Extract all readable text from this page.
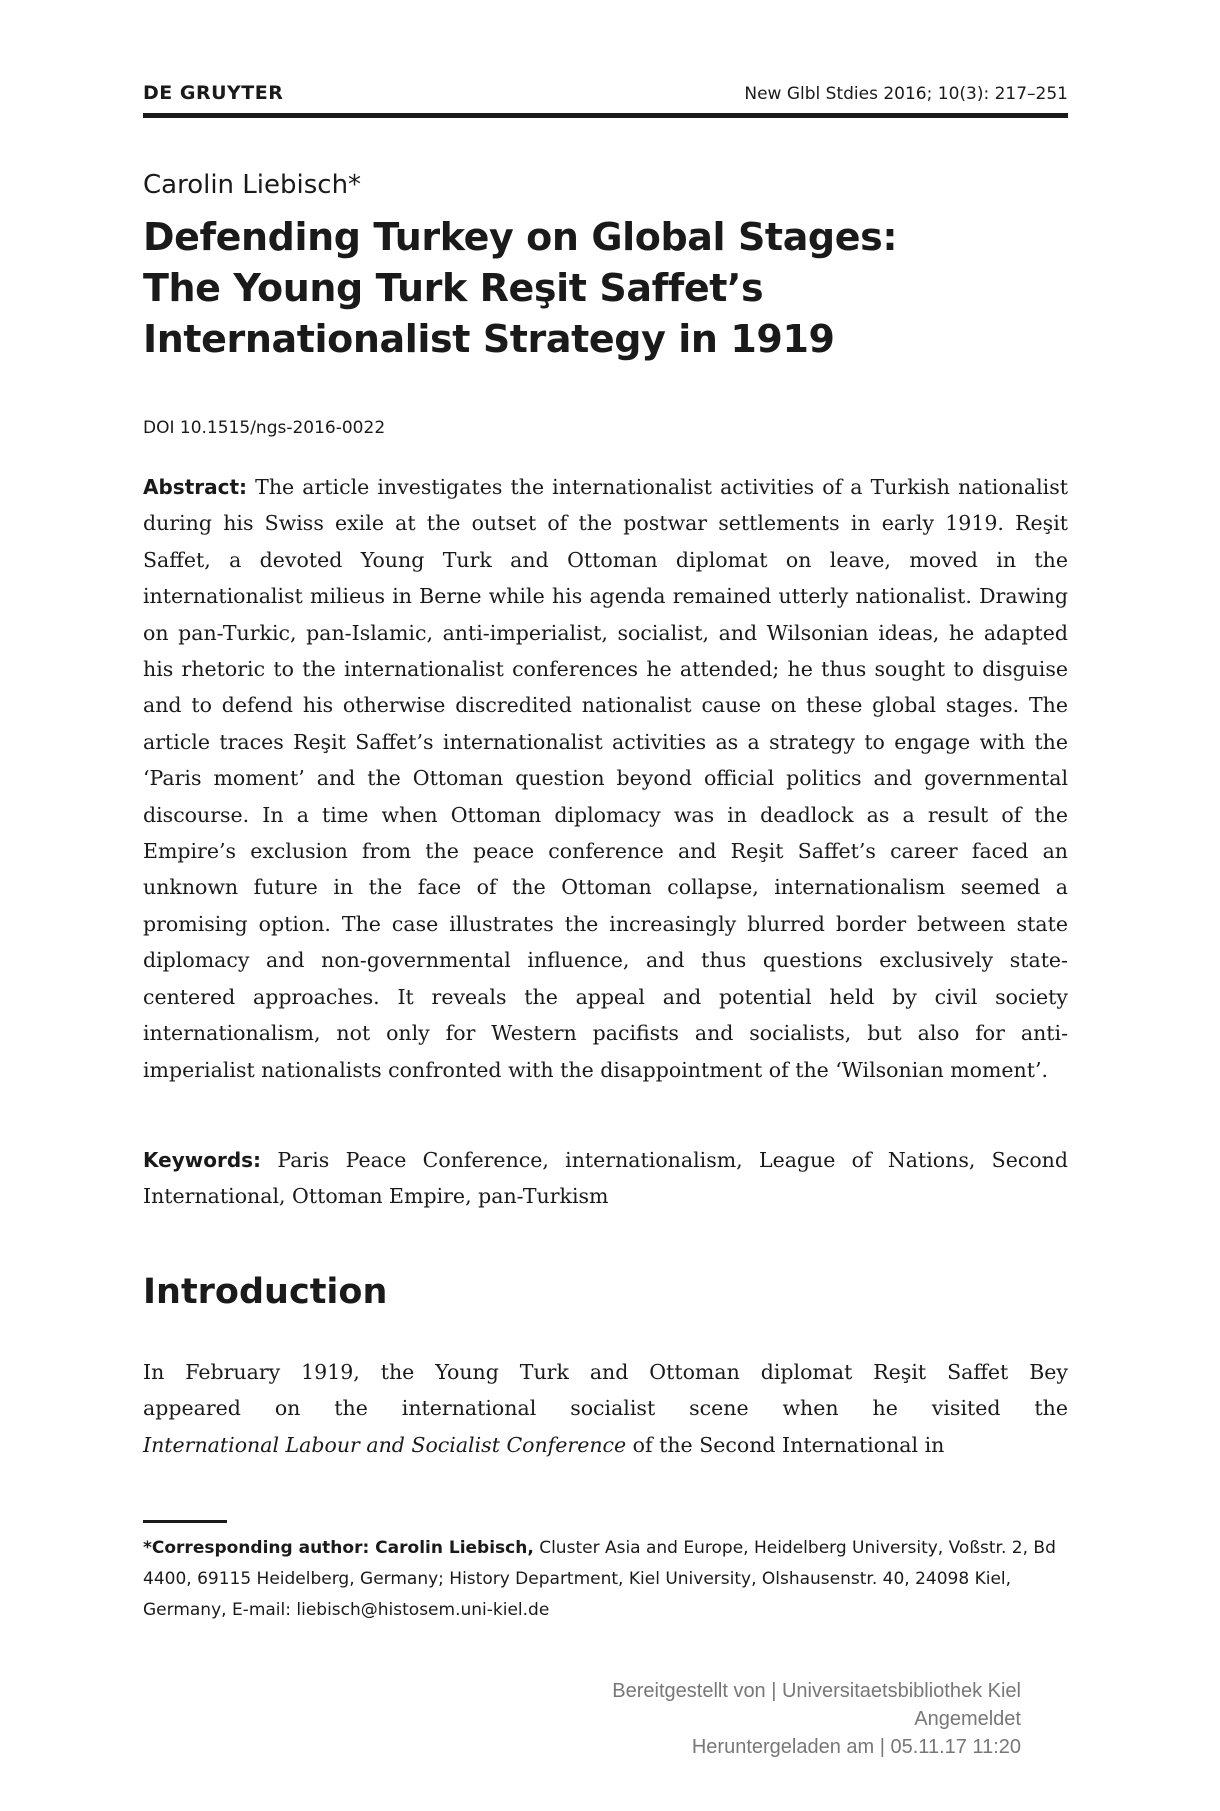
DE GRUYTER	New Glbl Stdies 2016; 10(3): 217–251
Carolin Liebisch*
Defending Turkey on Global Stages:
The Young Turk Reşit Saffet’s
Internationalist Strategy in 1919
DOI 10.1515/ngs-2016-0022
Abstract: The article investigates the internationalist activities of a Turkish nationalist during his Swiss exile at the outset of the postwar settlements in early 1919. Reşit Saffet, a devoted Young Turk and Ottoman diplomat on leave, moved in the internationalist milieus in Berne while his agenda remained utterly nationalist. Drawing on pan-Turkic, pan-Islamic, anti-imperialist, socialist, and Wilsonian ideas, he adapted his rhetoric to the internationalist conferences he attended; he thus sought to disguise and to defend his otherwise discredited nationalist cause on these global stages. The article traces Reşit Saffet’s internationalist activities as a strategy to engage with the ‘Paris moment’ and the Ottoman question beyond official politics and governmental discourse. In a time when Ottoman diplomacy was in deadlock as a result of the Empire’s exclusion from the peace conference and Reşit Saffet’s career faced an unknown future in the face of the Ottoman collapse, internationalism seemed a promising option. The case illustrates the increasingly blurred border between state diplomacy and non-governmental influence, and thus questions exclusively state-centered approaches. It reveals the appeal and potential held by civil society internationalism, not only for Western pacifists and socialists, but also for anti-imperialist nationalists confronted with the disappointment of the ‘Wilsonian moment’.
Keywords: Paris Peace Conference, internationalism, League of Nations, Second International, Ottoman Empire, pan-Turkism
Introduction
In February 1919, the Young Turk and Ottoman diplomat Reşit Saffet Bey
appeared on the international socialist scene when he visited the
International Labour and Socialist Conference of the Second International in
*Corresponding author: Carolin Liebisch, Cluster Asia and Europe, Heidelberg University, Voßstr. 2, Bd 4400, 69115 Heidelberg, Germany; History Department, Kiel University, Olshausenstr. 40, 24098 Kiel, Germany, E-mail: liebisch@histosem.uni-kiel.de
Bereitgestellt von | Universitaetsbibliothek Kiel
Angemeldet
Heruntergeladen am | 05.11.17 11:20
